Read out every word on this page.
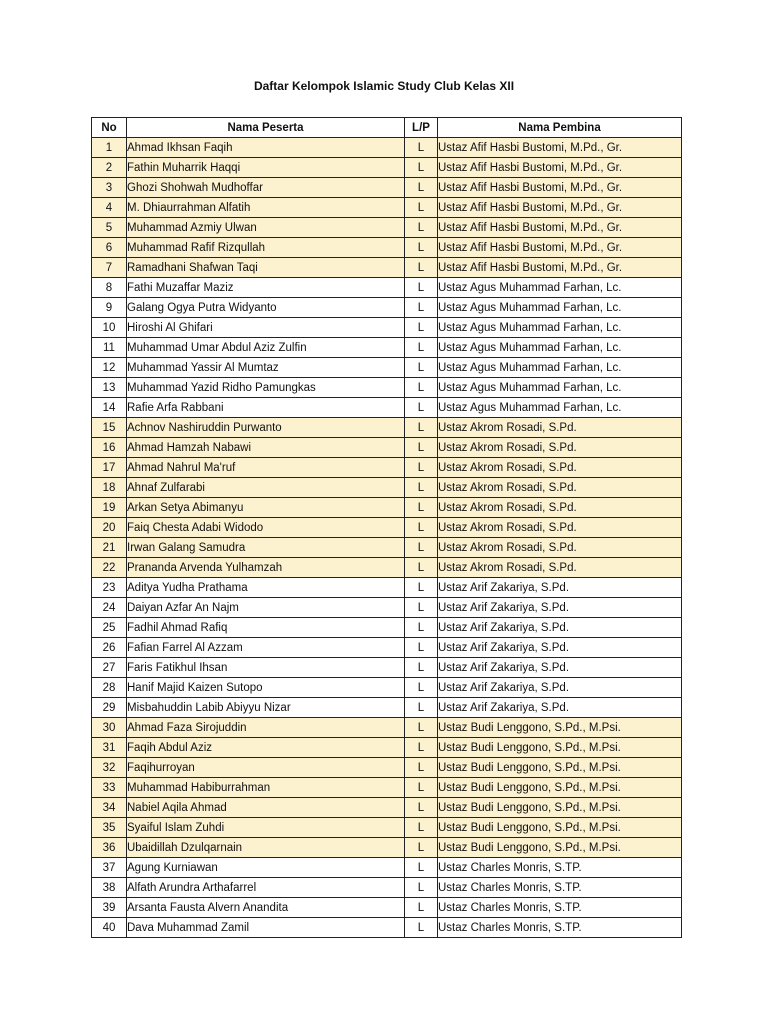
Daftar Kelompok Islamic Study Club Kelas XII
No	Nama Peserta	L/P	Nama Pembina
1	Ahmad Ikhsan Faqih	L	Ustaz Afif Hasbi Bustomi, M.Pd., Gr.
2	Fathin Muharrik Haqqi	L	Ustaz Afif Hasbi Bustomi, M.Pd., Gr.
3	Ghozi Shohwah Mudhoffar	L	Ustaz Afif Hasbi Bustomi, M.Pd., Gr.
4	M. Dhiaurrahman Alfatih	L	Ustaz Afif Hasbi Bustomi, M.Pd., Gr.
5	Muhammad Azmiy Ulwan	L	Ustaz Afif Hasbi Bustomi, M.Pd., Gr.
6	Muhammad Rafif Rizqullah	L	Ustaz Afif Hasbi Bustomi, M.Pd., Gr.
7	Ramadhani Shafwan Taqi	L	Ustaz Afif Hasbi Bustomi, M.Pd., Gr.
8	Fathi Muzaffar Maziz	L	Ustaz Agus Muhammad Farhan, Lc.
9	Galang Ogya Putra Widyanto	L	Ustaz Agus Muhammad Farhan, Lc.
10	Hiroshi Al Ghifari	L	Ustaz Agus Muhammad Farhan, Lc.
11	Muhammad Umar Abdul Aziz Zulfin	L	Ustaz Agus Muhammad Farhan, Lc.
12	Muhammad Yassir Al Mumtaz	L	Ustaz Agus Muhammad Farhan, Lc.
13	Muhammad Yazid Ridho Pamungkas	L	Ustaz Agus Muhammad Farhan, Lc.
14	Rafie Arfa Rabbani	L	Ustaz Agus Muhammad Farhan, Lc.
15	Achnov Nashiruddin Purwanto	L	Ustaz Akrom Rosadi, S.Pd.
16	Ahmad Hamzah Nabawi	L	Ustaz Akrom Rosadi, S.Pd.
17	Ahmad Nahrul Ma'ruf	L	Ustaz Akrom Rosadi, S.Pd.
18	Ahnaf Zulfarabi	L	Ustaz Akrom Rosadi, S.Pd.
19	Arkan Setya Abimanyu	L	Ustaz Akrom Rosadi, S.Pd.
20	Faiq Chesta Adabi Widodo	L	Ustaz Akrom Rosadi, S.Pd.
21	Irwan Galang Samudra	L	Ustaz Akrom Rosadi, S.Pd.
22	Prananda Arvenda Yulhamzah	L	Ustaz Akrom Rosadi, S.Pd.
23	Aditya Yudha Prathama	L	Ustaz Arif Zakariya, S.Pd.
24	Daiyan Azfar An Najm	L	Ustaz Arif Zakariya, S.Pd.
25	Fadhil Ahmad Rafiq	L	Ustaz Arif Zakariya, S.Pd.
26	Fafian Farrel Al Azzam	L	Ustaz Arif Zakariya, S.Pd.
27	Faris Fatikhul Ihsan	L	Ustaz Arif Zakariya, S.Pd.
28	Hanif Majid Kaizen Sutopo	L	Ustaz Arif Zakariya, S.Pd.
29	Misbahuddin Labib Abiyyu Nizar	L	Ustaz Arif Zakariya, S.Pd.
30	Ahmad Faza Sirojuddin	L	Ustaz Budi Lenggono, S.Pd., M.Psi.
31	Faqih Abdul Aziz	L	Ustaz Budi Lenggono, S.Pd., M.Psi.
32	Faqihurroyan	L	Ustaz Budi Lenggono, S.Pd., M.Psi.
33	Muhammad Habiburrahman	L	Ustaz Budi Lenggono, S.Pd., M.Psi.
34	Nabiel Aqila Ahmad	L	Ustaz Budi Lenggono, S.Pd., M.Psi.
35	Syaiful Islam Zuhdi	L	Ustaz Budi Lenggono, S.Pd., M.Psi.
36	Ubaidillah Dzulqarnain	L	Ustaz Budi Lenggono, S.Pd., M.Psi.
37	Agung Kurniawan	L	Ustaz Charles Monris, S.TP.
38	Alfath Arundra Arthafarrel	L	Ustaz Charles Monris, S.TP.
39	Arsanta Fausta Alvern Anandita	L	Ustaz Charles Monris, S.TP.
40	Dava Muhammad Zamil	L	Ustaz Charles Monris, S.TP.
